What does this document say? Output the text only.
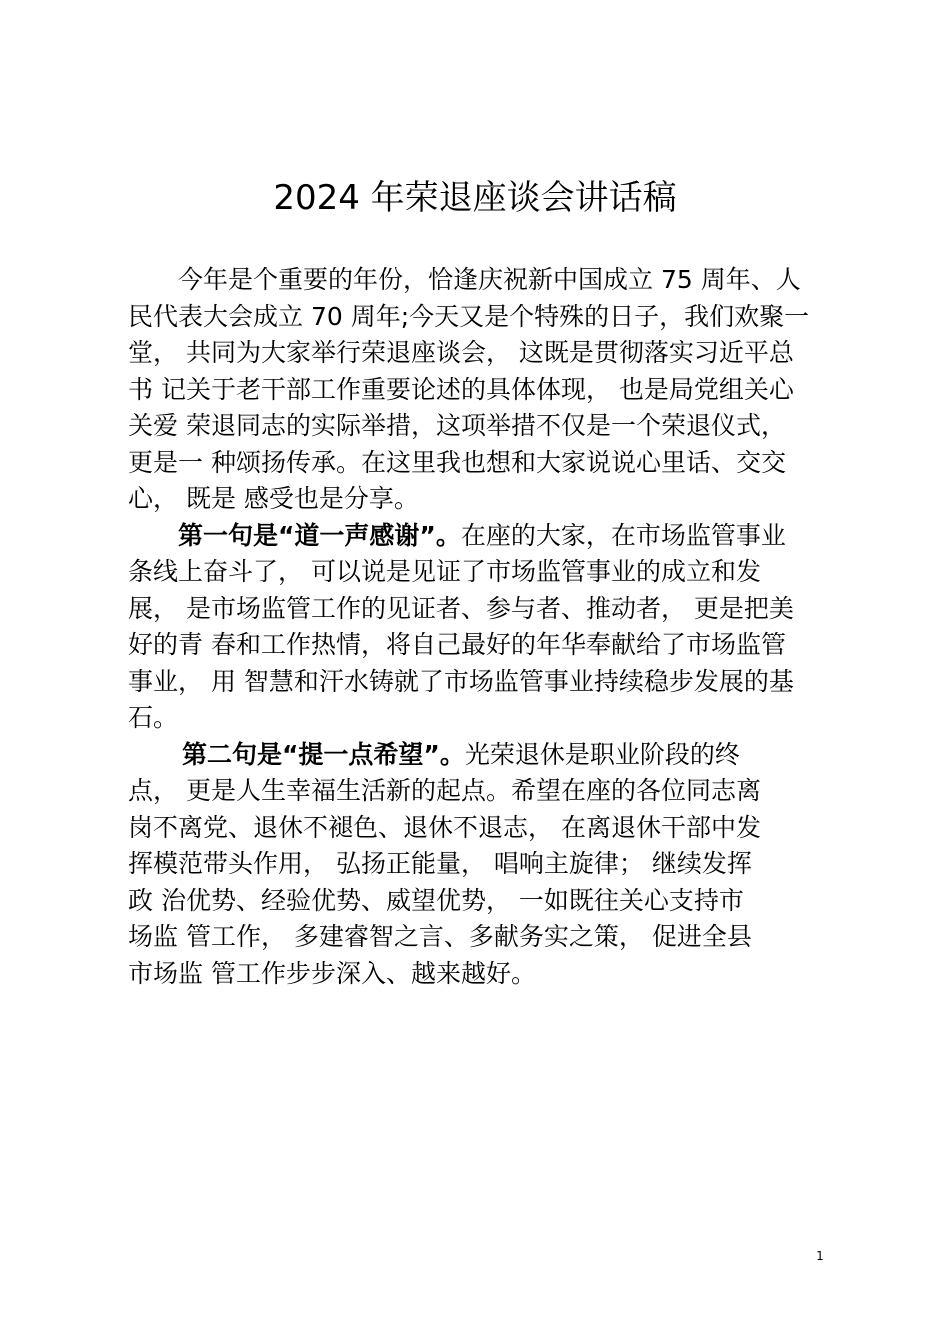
2024 年荣退座谈会讲话稿
今年是个重要的年份，恰逢庆祝新中国成立 75 周年、人
民代表大会成立 70 周年;今天又是个特殊的日子，我们欢聚一
堂， 共同为大家举行荣退座谈会， 这既是贯彻落实习近平总
书 记关于老干部工作重要论述的具体体现， 也是局党组关心
关爱 荣退同志的实际举措，这项举措不仅是一个荣退仪式，
更是一 种颂扬传承。在这里我也想和大家说说心里话、交交
心， 既是 感受也是分享。
第一句是“道一声感谢”。在座的大家，在市场监管事业
条线上奋斗了， 可以说是见证了市场监管事业的成立和发
展， 是市场监管工作的见证者、参与者、推动者， 更是把美
好的青 春和工作热情，将自己最好的年华奉献给了市场监管
事业， 用 智慧和汗水铸就了市场监管事业持续稳步发展的基
石。
第二句是“提一点希望”。光荣退休是职业阶段的终
点， 更是人生幸福生活新的起点。希望在座的各位同志离
岗不离党、退休不褪色、退休不退志， 在离退休干部中发
挥模范带头作用， 弘扬正能量， 唱响主旋律； 继续发挥
政 治优势、经验优势、威望优势， 一如既往关心支持市
场监 管工作， 多建睿智之言、多献务实之策， 促进全县
市场监 管工作步步深入、越来越好。
1
